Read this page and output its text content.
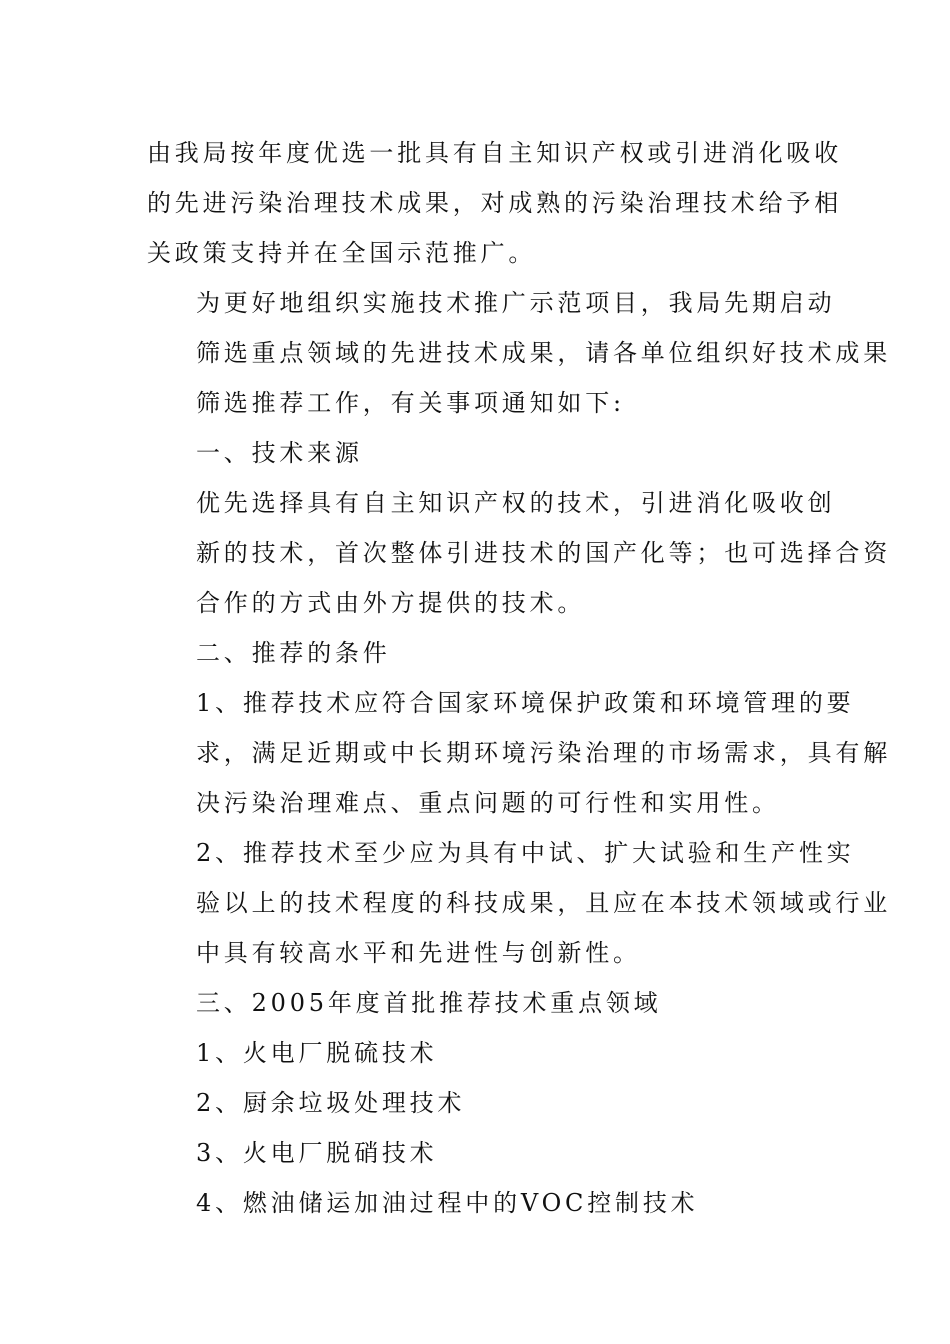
由我局按年度优选一批具有自主知识产权或引进消化吸收
的先进污染治理技术成果，对成熟的污染治理技术给予相
关政策支持并在全国示范推广。

为更好地组织实施技术推广示范项目，我局先期启动
筛选重点领域的先进技术成果，请各单位组织好技术成果
筛选推荐工作，有关事项通知如下:

一、技术来源

优先选择具有自主知识产权的技术，引进消化吸收创
新的技术，首次整体引进技术的国产化等；也可选择合资
合作的方式由外方提供的技术。

二、推荐的条件

1、推荐技术应符合国家环境保护政策和环境管理的要
求，满足近期或中长期环境污染治理的市场需求，具有解
决污染治理难点、重点问题的可行性和实用性。

2、推荐技术至少应为具有中试、扩大试验和生产性实
验以上的技术程度的科技成果，且应在本技术领域或行业
中具有较高水平和先进性与创新性。

三、2005年度首批推荐技术重点领域

1、火电厂脱硫技术

2、厨余垃圾处理技术

3、火电厂脱硝技术

4、燃油储运加油过程中的VOC控制技术
